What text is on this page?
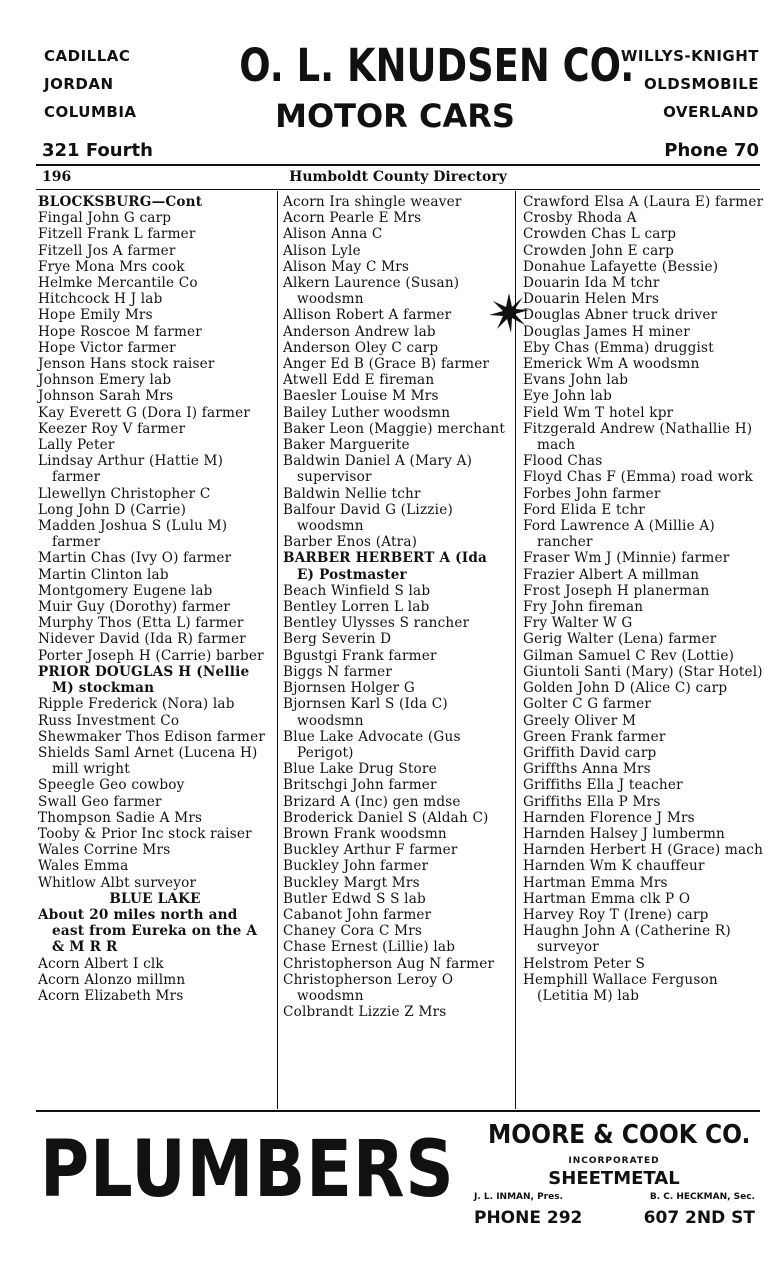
CADILLAC
JORDAN
COLUMBIA
O. L. KNUDSEN CO.
MOTOR CARS
WILLYS-KNIGHT
OLDSMOBILE
OVERLAND
321 Fourth	Phone 70
196	Humboldt County Directory
BLOCKSBURG—Cont
Fingal John G carp
Fitzell Frank L farmer
Fitzell Jos A farmer
Frye Mona Mrs cook
Helmke Mercantile Co
Hitchcock H J lab
Hope Emily Mrs
Hope Roscoe M farmer
Hope Victor farmer
Jenson Hans stock raiser
Johnson Emery lab
Johnson Sarah Mrs
Kay Everett G (Dora I) farmer
Keezer Roy V farmer
Lally Peter
Lindsay Arthur (Hattie M) farmer
Llewellyn Christopher C
Long John D (Carrie)
Madden Joshua S (Lulu M) farmer
Martin Chas (Ivy O) farmer
Martin Clinton lab
Montgomery Eugene lab
Muir Guy (Dorothy) farmer
Murphy Thos (Etta L) farmer
Nidever David (Ida R) farmer
Porter Joseph H (Carrie) barber
PRIOR DOUGLAS H (Nellie M) stockman
Ripple Frederick (Nora) lab
Russ Investment Co
Shewmaker Thos Edison farmer
Shields Saml Arnet (Lucena H) mill wright
Speegle Geo cowboy
Swall Geo farmer
Thompson Sadie A Mrs
Tooby & Prior Inc stock raiser
Wales Corrine Mrs
Wales Emma
Whitlow Albt surveyor
BLUE LAKE
About 20 miles north and east from Eureka on the A & M R R
Acorn Albert I clk
Acorn Alonzo millmn
Acorn Elizabeth Mrs
Acorn Ira shingle weaver
Acorn Pearle E Mrs
Alison Anna C
Alison Lyle
Alison May C Mrs
Alkern Laurence (Susan) woodsmn
Allison Robert A farmer
Anderson Andrew lab
Anderson Oley C carp
Anger Ed B (Grace B) farmer
Atwell Edd E fireman
Baesler Louise M Mrs
Bailey Luther woodsmn
Baker Leon (Maggie) merchant
Baker Marguerite
Baldwin Daniel A (Mary A) supervisor
Baldwin Nellie tchr
Balfour David G (Lizzie) woodsmn
Barber Enos (Atra)
BARBER HERBERT A (Ida E) Postmaster
Beach Winfield S lab
Bentley Lorren L lab
Bentley Ulysses S rancher
Berg Severin D
Bgustgi Frank farmer
Biggs N farmer
Bjornsen Holger G
Bjornsen Karl S (Ida C) woodsmn
Blue Lake Advocate (Gus Perigot)
Blue Lake Drug Store
Britschgi John farmer
Brizard A (Inc) gen mdse
Broderick Daniel S (Aldah C)
Brown Frank woodsmn
Buckley Arthur F farmer
Buckley John farmer
Buckley Margt Mrs
Butler Edwd S S lab
Cabanot John farmer
Chaney Cora C Mrs
Chase Ernest (Lillie) lab
Christopherson Aug N farmer
Christopherson Leroy O woodsmn
Colbrandt Lizzie Z Mrs
Crawford Elsa A (Laura E) farmer
Crosby Rhoda A
Crowden Chas L carp
Crowden John E carp
Donahue Lafayette (Bessie)
Douarin Ida M tchr
Douarin Helen Mrs
Douglas Abner truck driver
Douglas James H miner
Eby Chas (Emma) druggist
Emerick Wm A woodsmn
Evans John lab
Eye John lab
Field Wm T hotel kpr
Fitzgerald Andrew (Nathallie H) mach
Flood Chas
Floyd Chas F (Emma) road work
Forbes John farmer
Ford Elida E tchr
Ford Lawrence A (Millie A) rancher
Fraser Wm J (Minnie) farmer
Frazier Albert A millman
Frost Joseph H planerman
Fry John fireman
Fry Walter W G
Gerig Walter (Lena) farmer
Gilman Samuel C Rev (Lottie)
Giuntoli Santi (Mary) (Star Hotel)
Golden John D (Alice C) carp
Golter C G farmer
Greely Oliver M
Green Frank farmer
Griffith David carp
Griffths Anna Mrs
Griffiths Ella J teacher
Griffiths Ella P Mrs
Harnden Florence J Mrs
Harnden Halsey J lumbermn
Harnden Herbert H (Grace) mach
Harnden Wm K chauffeur
Hartman Emma Mrs
Hartman Emma clk P O
Harvey Roy T (Irene) carp
Haughn John A (Catherine R) surveyor
Helstrom Peter S
Hemphill Wallace Ferguson (Letitia M) lab
PLUMBERS MOORE & COOK CO.
INCORPORATED
SHEETMETAL
J. L. INMAN, Pres.	B. C. HECKMAN, Sec.
PHONE 292	607 2ND ST
